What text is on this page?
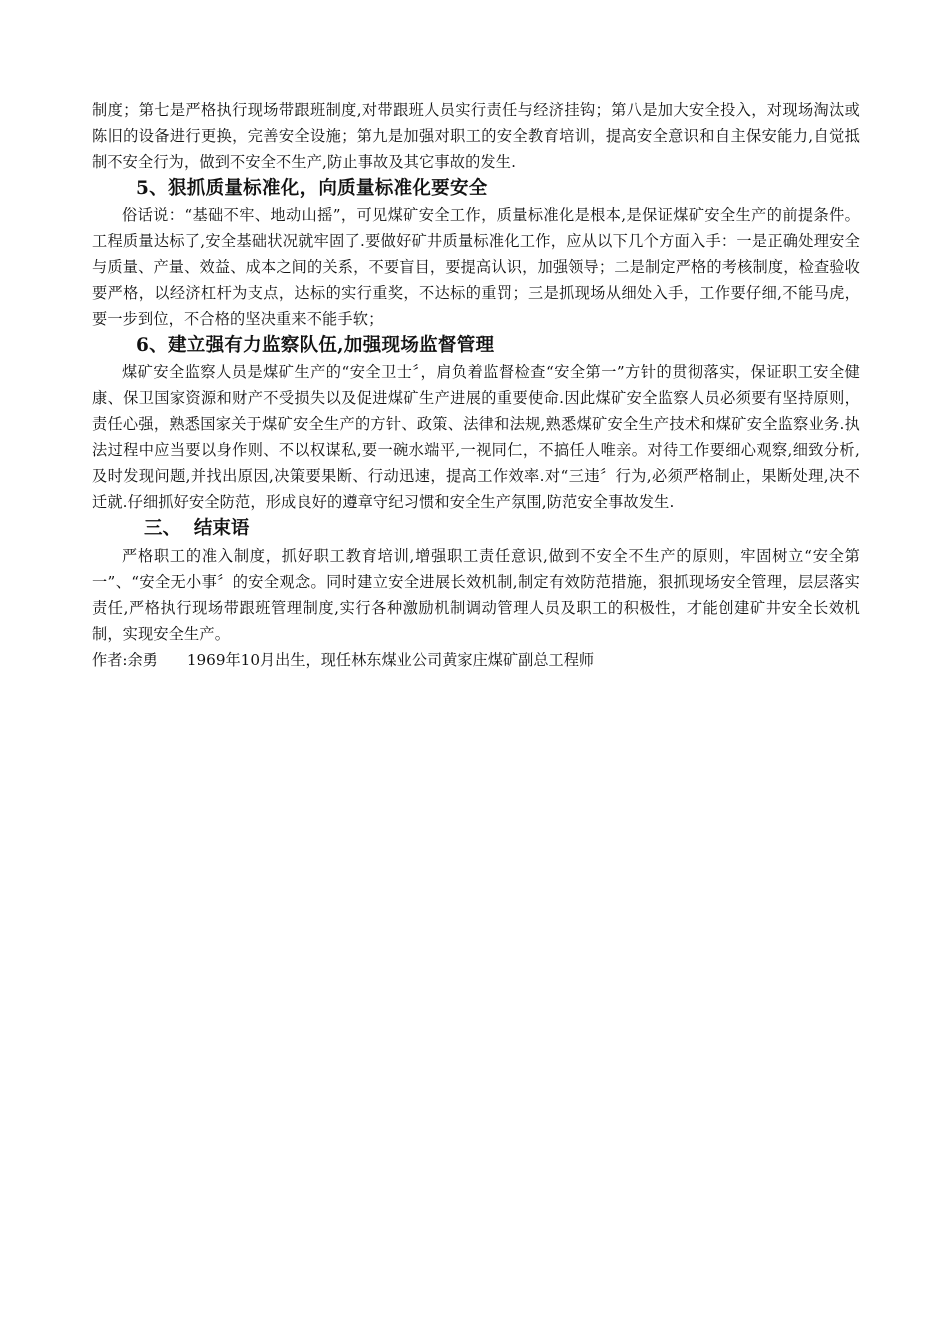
制度；第七是严格执行现场带跟班制度,对带跟班人员实行责任与经济挂钩；第八是加大安全投入，对现场淘汰或陈旧的设备进行更换，完善安全设施；第九是加强对职工的安全教育培训，提高安全意识和自主保安能力,自觉抵制不安全行为，做到不安全不生产,防止事故及其它事故的发生.

5、狠抓质量标准化，向质量标准化要安全

俗话说：“基础不牢、地动山摇”，可见煤矿安全工作，质量标准化是根本,是保证煤矿安全生产的前提条件。工程质量达标了,安全基础状况就牢固了.要做好矿井质量标准化工作，应从以下几个方面入手：一是正确处理安全与质量、产量、效益、成本之间的关系，不要盲目，要提高认识，加强领导；二是制定严格的考核制度，检查验收要严格，以经济杠杆为支点，达标的实行重奖，不达标的重罚；三是抓现场从细处入手，工作要仔细,不能马虎，要一步到位，不合格的坚决重来不能手软；

6、建立强有力监察队伍,加强现场监督管理

煤矿安全监察人员是煤矿生产的“安全卫士〞，肩负着监督检查“安全第一”方针的贯彻落实，保证职工安全健康、保卫国家资源和财产不受损失以及促进煤矿生产进展的重要使命.因此煤矿安全监察人员必须要有坚持原则，责任心强，熟悉国家关于煤矿安全生产的方针、政策、法律和法规,熟悉煤矿安全生产技术和煤矿安全监察业务.执法过程中应当要以身作则、不以权谋私,要一碗水端平,一视同仁，不搞任人唯亲。对待工作要细心观察,细致分析,及时发现问题,并找出原因,决策要果断、行动迅速，提高工作效率.对“三违〞行为,必须严格制止，果断处理,决不迁就.仔细抓好安全防范，形成良好的遵章守纪习惯和安全生产氛围,防范安全事故发生.

三、  结束语

严格职工的准入制度，抓好职工教育培训,增强职工责任意识,做到不安全不生产的原则，牢固树立“安全第一”、“安全无小事〞的安全观念。同时建立安全进展长效机制,制定有效防范措施，狠抓现场安全管理，层层落实责任,严格执行现场带跟班管理制度,实行各种激励机制调动管理人员及职工的积极性，才能创建矿井安全长效机制，实现安全生产。

作者:余勇      1969年10月出生，现任林东煤业公司黄家庄煤矿副总工程师
